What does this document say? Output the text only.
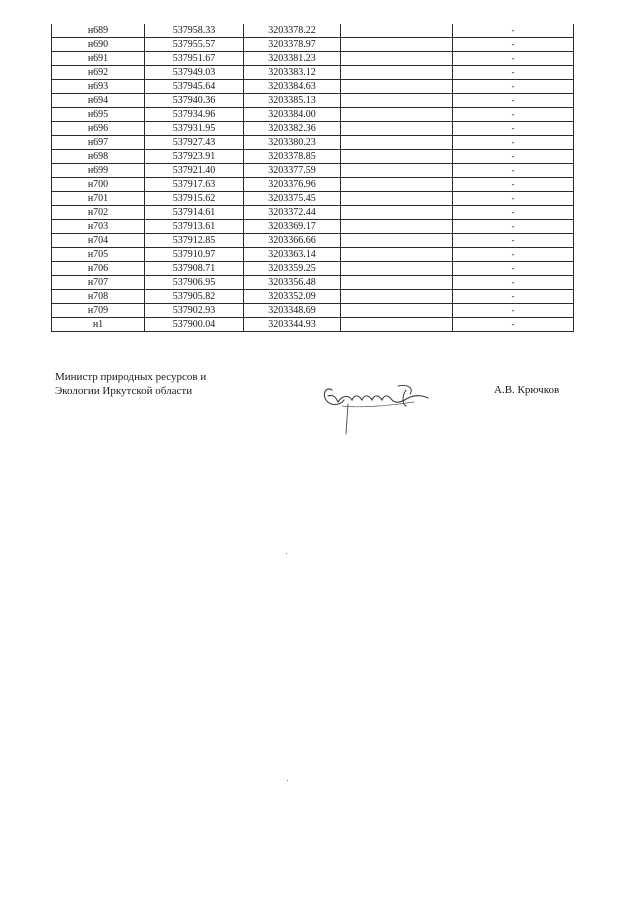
н689	537958.33	3203378.22		-
н690	537955.57	3203378.97		-
н691	537951.67	3203381.23		-
н692	537949.03	3203383.12		-
н693	537945.64	3203384.63		-
н694	537940.36	3203385.13		-
н695	537934.96	3203384.00		-
н696	537931.95	3203382.36		-
н697	537927.43	3203380.23		-
н698	537923.91	3203378.85		-
н699	537921.40	3203377.59		-
н700	537917.63	3203376.96		-
н701	537915.62	3203375.45		-
н702	537914.61	3203372.44		-
н703	537913.61	3203369.17		-
н704	537912.85	3203366.66		-
н705	537910.97	3203363.14		-
н706	537908.71	3203359.25		-
н707	537906.95	3203356.48		-
н708	537905.82	3203352.09		-
н709	537902.93	3203348.69		-
н1	537900.04	3203344.93		-
Министр природных ресурсов и
Экологии Иркутской области	А.В. Крючков
